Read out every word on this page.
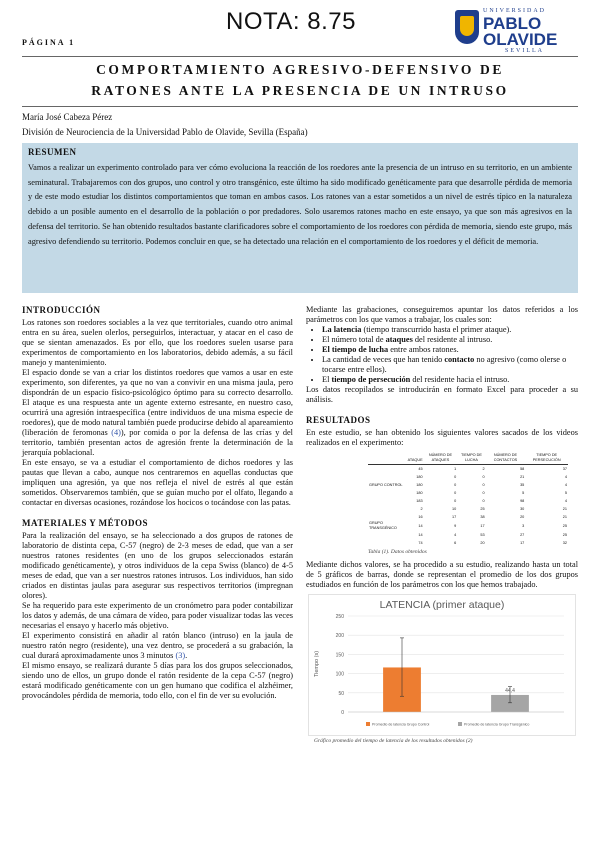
PÁGINA 1
NOTA: 8.75	UNIVERSIDAD
PABLO
OLAVIDE
SEVILLA
COMPORTAMIENTO AGRESIVO-DEFENSIVO DE
RATONES ANTE LA PRESENCIA DE UN INTRUSO
María José Cabeza Pérez
División de Neurociencia de la Universidad Pablo de Olavide, Sevilla (España)
RESUMEN

Vamos a realizar un experimento controlado para ver cómo evoluciona la reacción de los roedores ante la presencia de un intruso en su territorio, en un ambiente seminatural. Trabajaremos con dos grupos, uno control y otro transgénico, este último ha sido modificado genéticamente para que desarrolle pérdida de memoria y de este modo estudiar los distintos comportamientos que toman en ambos casos. Los ratones van a estar sometidos a un nivel de estrés típico en la naturaleza debido a un posible aumento en el desarrollo de la población o por predadores. Solo usaremos ratones macho en este ensayo, ya que son más agresivos en la defensa del territorio. Se han obtenido resultados bastante clarificadores sobre el comportamiento de los roedores con pérdida de memoria, siendo este grupo, más agresivo defendiendo su territorio. Podemos concluir en que, se ha detectado una relación en el comportamiento de los roedores y el déficit de memoria.

INTRODUCCIÓN

Los ratones son roedores sociables a la vez que territoriales, cuando otro animal entra en su área, suelen olerlos, perseguirlos, interactuar, y atacar en el caso de que se sientan amenazados. Es por ello, que los roedores suelen usarse para experimentos de comportamiento en los laboratorios, debido además, a su fácil manejo y mantenimiento.

El espacio donde se van a criar los distintos roedores que vamos a usar en este experimento, son diferentes, ya que no van a convivir en una misma jaula, pero dispondrán de un espacio físico-psicológico óptimo para su correcto desarrollo. El ataque es una respuesta ante un agente externo estresante, en nuestro caso, ocurrirá una agresión intraespecífica (entre individuos de una misma especie de roedores), que de modo natural también puede producirse debido al apareamiento (liberación de feromonas (4)), por comida o por la defensa de las crías y del territorio, también presentan actos de agresión frente la determinación de la jerarquía poblacional.

En este ensayo, se va a estudiar el comportamiento de dichos roedores y las pautas que llevan a cabo, aunque nos centraremos en aquellas conductas que impliquen una agresión, ya que nos refleja el nivel de estrés al que están sometidos. Observaremos también, que se guían mucho por el olfato, llegando a contactar en diversas ocasiones, rozándose los hocicos o tocándose con las patas.

MATERIALES Y MÉTODOS

Para la realización del ensayo, se ha seleccionado a dos grupos de ratones de laboratorio de distinta cepa, C-57 (negro) de 2-3 meses de edad, que van a ser nuestros ratones residentes (en uno de los grupos seleccionados estarán modificado genéticamente), y otros individuos de la cepa Swiss (blanco) de 4-5 meses de edad, que van a ser nuestros ratones intrusos. Los individuos, han sido criados en distintas jaulas para asegurar sus respectivos territorios (impregnan olores).

Se ha requerido para este experimento de un cronómetro para poder contabilizar los datos y además, de una cámara de vídeo, para poder visualizar todas las veces necesarias el ensayo y hacerlo más objetivo.

El experimento consistirá en añadir al ratón blanco (intruso) en la jaula de nuestro ratón negro (residente), una vez dentro, se procederá a su grabación, la cual durará aproximadamente unos 3 minutos (3).

El mismo ensayo, se realizará durante 5 días para los dos grupos seleccionados, siendo uno de ellos, un grupo donde el ratón residente de la cepa C-57 (negro) estará modificado genéticamente con un gen humano que codifica el alzhéimer, provocándoles pérdida de memoria, todo ello, con el fin de ver su evolución.

Mediante las grabaciones, conseguiremos apuntar los datos referidos a los parámetros con los que vamos a trabajar, los cuales son:

• La latencia (tiempo transcurrido hasta el primer ataque).
• El número total de ataques del residente al intruso.
• El tiempo de lucha entre ambos ratones.
• La cantidad de veces que han tenido contacto no agresivo (como olerse o tocarse entre ellos).
• El tiempo de persecución del residente hacia el intruso.

Los datos recopilados se introducirán en formato Excel para proceder a su análisis.

RESULTADOS

En este estudio, se han obtenido los siguientes valores sacados de los videos realizados en el experimento:

	ATAQUE	NÚMERO DE ATAQUES	TIEMPO DE LUCHA	NÚMERO DE CONTACTOS	TIEMPO DE PERSECUCIÓN
	45	1	2	58	37
	180	0	0	21	4
GRUPO CONTROL	180	0	0	35	4
	180	0	0	5	5
	183	0	0	98	4
	2	10	25	30	21
	16	17	38	20	21
GRUPO TRANSGÉNICO	14	9	17	3	25
	14	4	53	27	25
	74	6	20	17	32
Tabla (1). Datos obtenidos

Mediante dichos valores, se ha procedido a su estudio, realizando hasta un total de 5 gráficos de barras, donde se representan el promedio de los dos grupos estudiados en función de los parámetros con los que hemos trabajado.

LATENCIA (primer ataque)
0
50
100
150
200
250
Tiempo (s)
44,4
Promedio de latencia Grupo Control	Promedio de latencia Grupo Transgénico
Gráfico promedio del tiempo de latencia de los resultados obtenidos (2)
